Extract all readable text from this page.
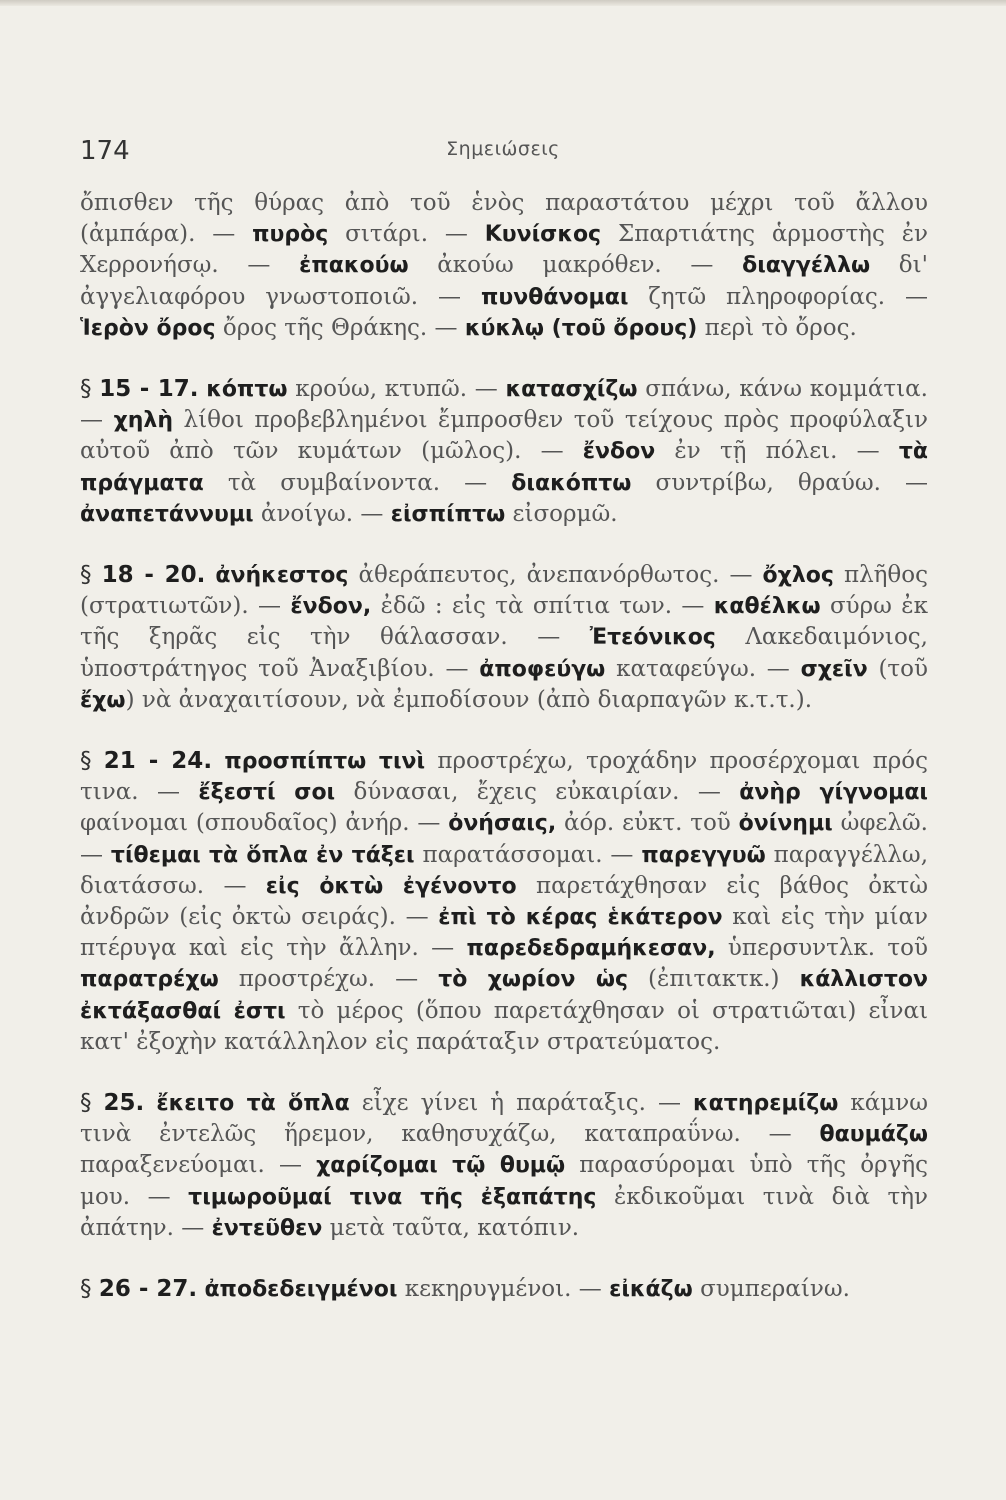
174	Σημειώσεις

ὄπισθεν τῆς θύρας ἀπὸ τοῦ ἑνὸς παραστάτου μέχρι τοῦ ἄλλου (ἀμπάρα). — πυρὸς σιτάρι. — Κυνίσκος Σπαρτιάτης ἁρμοστὴς ἐν Χερρονήσῳ. — ἐπακούω ἀκούω μακρόθεν. — διαγγέλλω δι' ἀγγελιαφόρου γνωστοποιῶ. — πυνθάνομαι ζητῶ πληροφορίας. — Ἱερὸν ὄρος ὄρος τῆς Θράκης. — κύκλῳ (τοῦ ὄρους) περὶ τὸ ὄρος.

§ 15 - 17. κόπτω κρούω, κτυπῶ. — κατασχίζω σπάνω, κάνω κομμάτια. — χηλὴ λίθοι προβεβλημένοι ἔμπροσθεν τοῦ τείχους πρὸς προφύλαξιν αὐτοῦ ἀπὸ τῶν κυμάτων (μῶλος). — ἔνδον ἐν τῇ πόλει. — τὰ πράγματα τὰ συμβαίνοντα. — διακόπτω συντρίβω, θραύω. — ἀναπετάννυμι ἀνοίγω. — εἰσπίπτω εἰσορμῶ.

§ 18 - 20. ἀνήκεστος ἀθεράπευτος, ἀνεπανόρθωτος. — ὄχλος πλῆθος (στρατιωτῶν). — ἔνδον, ἐδῶ : εἰς τὰ σπίτια των. — καθέλκω σύρω ἐκ τῆς ξηρᾶς εἰς τὴν θάλασσαν. — Ἐτεόνικος Λακεδαιμόνιος, ὑποστράτηγος τοῦ Ἀναξιβίου. — ἀποφεύγω καταφεύγω. — σχεῖν (τοῦ ἔχω) νὰ ἀναχαιτίσουν, νὰ ἐμποδίσουν (ἀπὸ διαρπαγῶν κ.τ.τ.).

§ 21 - 24. προσπίπτω τινὶ προστρέχω, τροχάδην προσέρχομαι πρός τινα. — ἔξεστί σοι δύνασαι, ἔχεις εὐκαιρίαν. — ἀνὴρ γίγνομαι φαίνομαι (σπουδαῖος) ἀνήρ. — ὀνήσαις, ἀόρ. εὐκτ. τοῦ ὀνίνημι ὠφελῶ. — τίθεμαι τὰ ὅπλα ἐν τάξει παρατάσσομαι. — παρεγγυῶ παραγγέλλω, διατάσσω. — εἰς ὀκτὼ ἐγένοντο παρετάχθησαν εἰς βάθος ὀκτὼ ἀνδρῶν (εἰς ὀκτὼ σειράς). — ἐπὶ τὸ κέρας ἑκάτερον καὶ εἰς τὴν μίαν πτέρυγα καὶ εἰς τὴν ἄλλην. — παρεδεδραμήκεσαν, ὑπερσυντλκ. τοῦ παρατρέχω προστρέχω. — τὸ χωρίον ὡς (ἐπιτακτκ.) κάλλιστον ἐκτάξασθαί ἐστι τὸ μέρος (ὅπου παρετάχθησαν οἱ στρατιῶται) εἶναι κατ' ἐξοχὴν κατάλληλον εἰς παράταξιν στρατεύματος.

§ 25. ἔκειτο τὰ ὅπλα εἶχε γίνει ἡ παράταξις. — κατηρεμίζω κάμνω τινὰ ἐντελῶς ἥρεμον, καθησυχάζω, καταπραΰνω. — θαυμάζω παραξενεύομαι. — χαρίζομαι τῷ θυμῷ παρασύρομαι ὑπὸ τῆς ὀργῆς μου. — τιμωροῦμαί τινα τῆς ἐξαπάτης ἐκδικοῦμαι τινὰ διὰ τὴν ἀπάτην. — ἐντεῦθεν μετὰ ταῦτα, κατόπιν.

§ 26 - 27. ἀποδεδειγμένοι κεκηρυγμένοι. — εἰκάζω συμπεραίνω.
